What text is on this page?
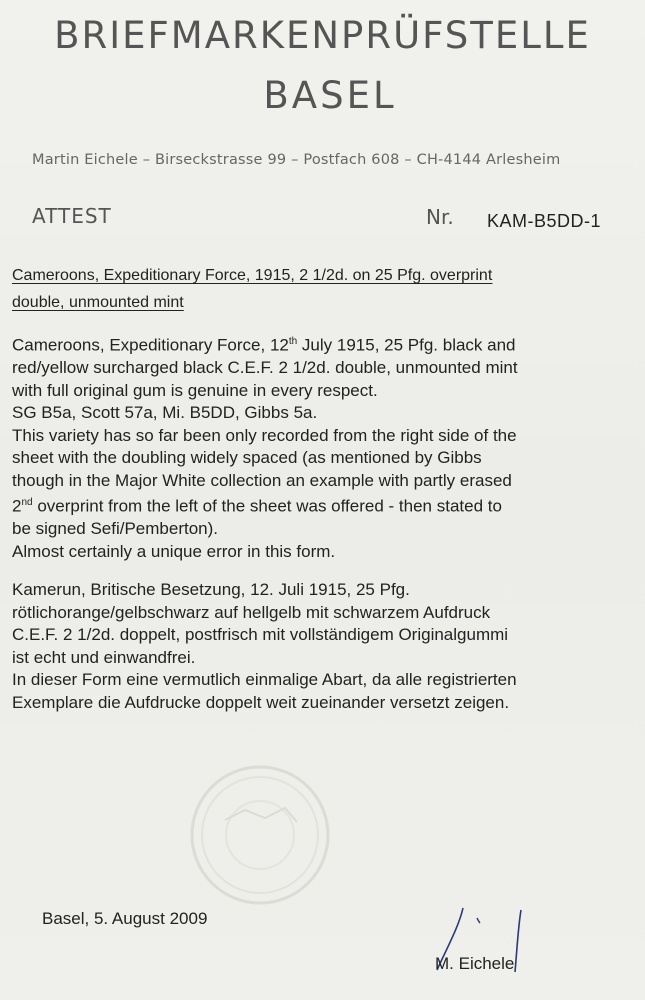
BRIEFMARKENPRÜFSTELLE
BASEL
Martin Eichele – Birseckstrasse 99 – Postfach 608 – CH-4144 Arlesheim
ATTEST	Nr. KAM-B5DD-1
Cameroons, Expeditionary Force, 1915, 2 1/2d. on 25 Pfg. overprint
double, unmounted mint
Cameroons, Expeditionary Force, 12th July 1915, 25 Pfg. black and
red/yellow surcharged black C.E.F. 2 1/2d. double, unmounted mint
with full original gum is genuine in every respect.
SG B5a, Scott 57a, Mi. B5DD, Gibbs 5a.
This variety has so far been only recorded from the right side of the
sheet with the doubling widely spaced (as mentioned by Gibbs
though in the Major White collection an example with partly erased
2nd overprint from the left of the sheet was offered - then stated to
be signed Sefi/Pemberton).
Almost certainly a unique error in this form.
Kamerun, Britische Besetzung, 12. Juli 1915, 25 Pfg.
rötlichorange/gelbschwarz auf hellgelb mit schwarzem Aufdruck
C.E.F. 2 1/2d. doppelt, postfrisch mit vollständigem Originalgummi
ist echt und einwandfrei.
In dieser Form eine vermutlich einmalige Abart, da alle registrierten
Exemplare die Aufdrucke doppelt weit zueinander versetzt zeigen.
Basel, 5. August 2009
M. Eichele
